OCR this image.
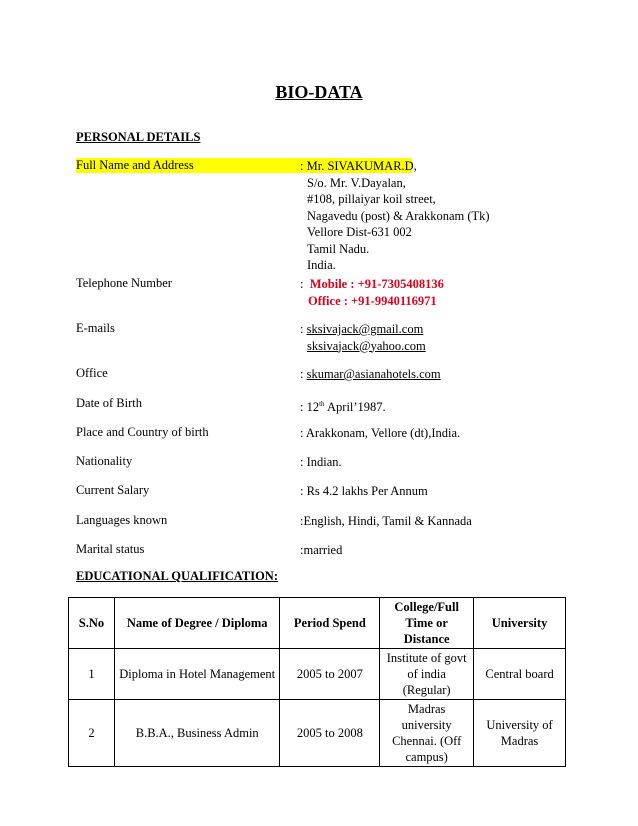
BIO-DATA
PERSONAL DETAILS
Full Name and Address	: Mr. SIVAKUMAR.D,
S/o. Mr. V.Dayalan,
#108, pillaiyar koil street,
Nagavedu (post) & Arakkonam (Tk)
Vellore Dist-631 002
Tamil Nadu.
India.
Telephone Number	:  Mobile : +91-7305408136
Office : +91-9940116971
E-mails	: sksivajack@gmail.com
sksivajack@yahoo.com
Office	: skumar@asianahotels.com
Date of Birth	: 12th April’1987.
Place and Country of birth	: Arakkonam, Vellore (dt),India.
Nationality	: Indian.
Current Salary	: Rs 4.2 lakhs Per Annum
Languages known	:English, Hindi, Tamil & Kannada
Marital status	:married
EDUCATIONAL QUALIFICATION:
S.No	Name of Degree / Diploma	Period Spend	College/Full Time or Distance	University
1	Diploma in Hotel Management	2005 to 2007	Institute of govt of india (Regular)	Central board
2	B.B.A., Business Admin	2005 to 2008	Madras university Chennai. (Off campus)	University of Madras
